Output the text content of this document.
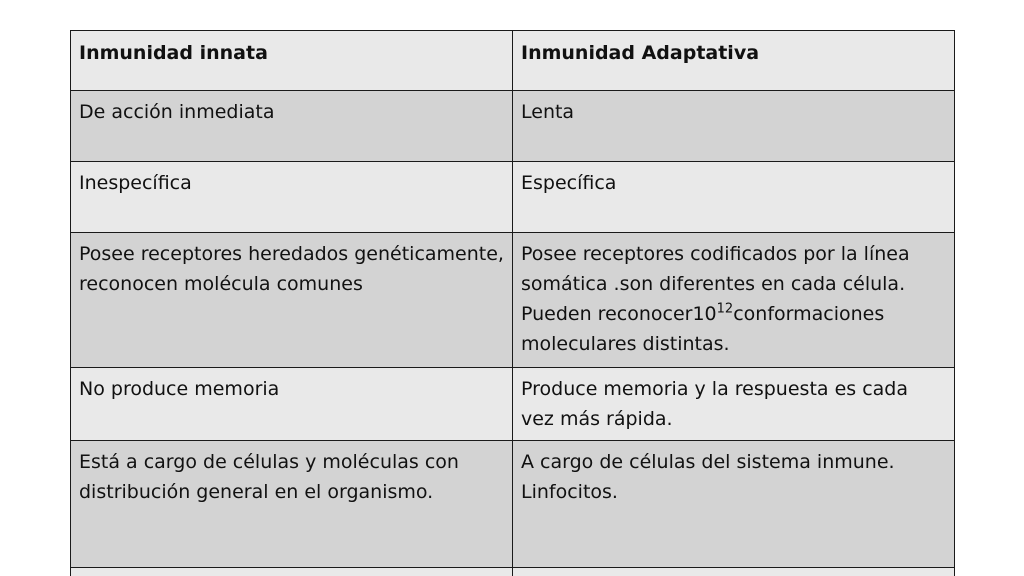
Inmunidad innata	Inmunidad Adaptativa
De acción inmediata	Lenta
Inespecífica	Específica
Posee receptores heredados genéticamente, reconocen molécula comunes	Posee receptores codificados por la línea somática .son diferentes en cada célula. Pueden $reconocer10^{12}conformaciones$ moleculares distintas.
No produce memoria	Produce memoria y la respuesta es cada vez más rápida.
Está a cargo de células y moléculas con distribución general en el organismo.	A cargo de células del sistema inmune. Linfocitos.
